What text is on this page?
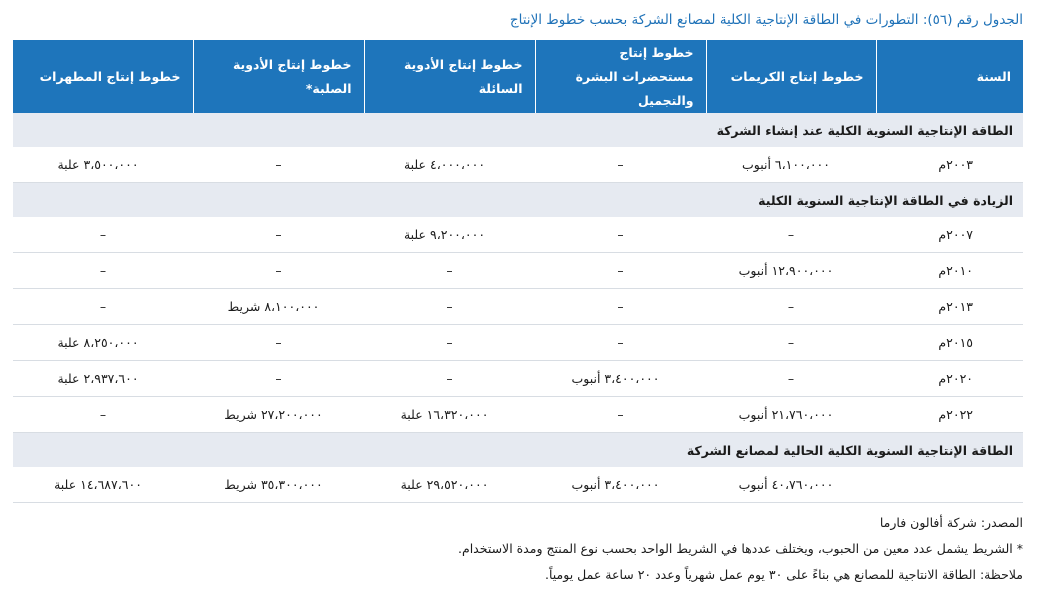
الجدول رقم (٥٦): التطورات في الطاقة الإنتاجية الكلية لمصانع الشركة بحسب خطوط الإنتاج
السنة	خطوط إنتاج الكريمات	خطوط إنتاج مستحضرات البشرة والتجميل	خطوط إنتاج الأدوية السائلة	خطوط إنتاج الأدوية الصلبة*	خطوط إنتاج المطهرات
الطاقة الإنتاجية السنوية الكلية عند إنشاء الشركة					
٢٠٠٣م	٦،١٠٠،٠٠٠ أنبوب	–	٤،٠٠٠،٠٠٠ علبة	–	٣،٥٠٠،٠٠٠ علبة
الزيادة في الطاقة الإنتاجية السنوية الكلية					
٢٠٠٧م	–	–	٩،٢٠٠،٠٠٠ علبة	–	–
٢٠١٠م	١٢،٩٠٠،٠٠٠ أنبوب	–	–	–	–
٢٠١٣م	–	–	–	٨،١٠٠،٠٠٠ شريط	–
٢٠١٥م	–	–	–	–	٨،٢٥٠،٠٠٠ علبة
٢٠٢٠م	–	٣،٤٠٠،٠٠٠ أنبوب	–	–	٢،٩٣٧،٦٠٠ علبة
٢٠٢٢م	٢١،٧٦٠،٠٠٠ أنبوب	–	١٦،٣٢٠،٠٠٠ علبة	٢٧،٢٠٠،٠٠٠ شريط	–
الطاقة الإنتاجية السنوية الكلية الحالية لمصانع الشركة					
	٤٠،٧٦٠،٠٠٠ أنبوب	٣،٤٠٠،٠٠٠ أنبوب	٢٩،٥٢٠،٠٠٠ علبة	٣٥،٣٠٠،٠٠٠ شريط	١٤،٦٨٧،٦٠٠ علبة
المصدر: شركة أفالون فارما
* الشريط يشمل عدد معين من الحبوب، ويختلف عددها في الشريط الواحد بحسب نوع المنتج ومدة الاستخدام.
ملاحظة: الطاقة الانتاجية للمصانع هي بناءً على ٣٠ يوم عمل شهرياً وعدد ٢٠ ساعة عمل يومياً.
